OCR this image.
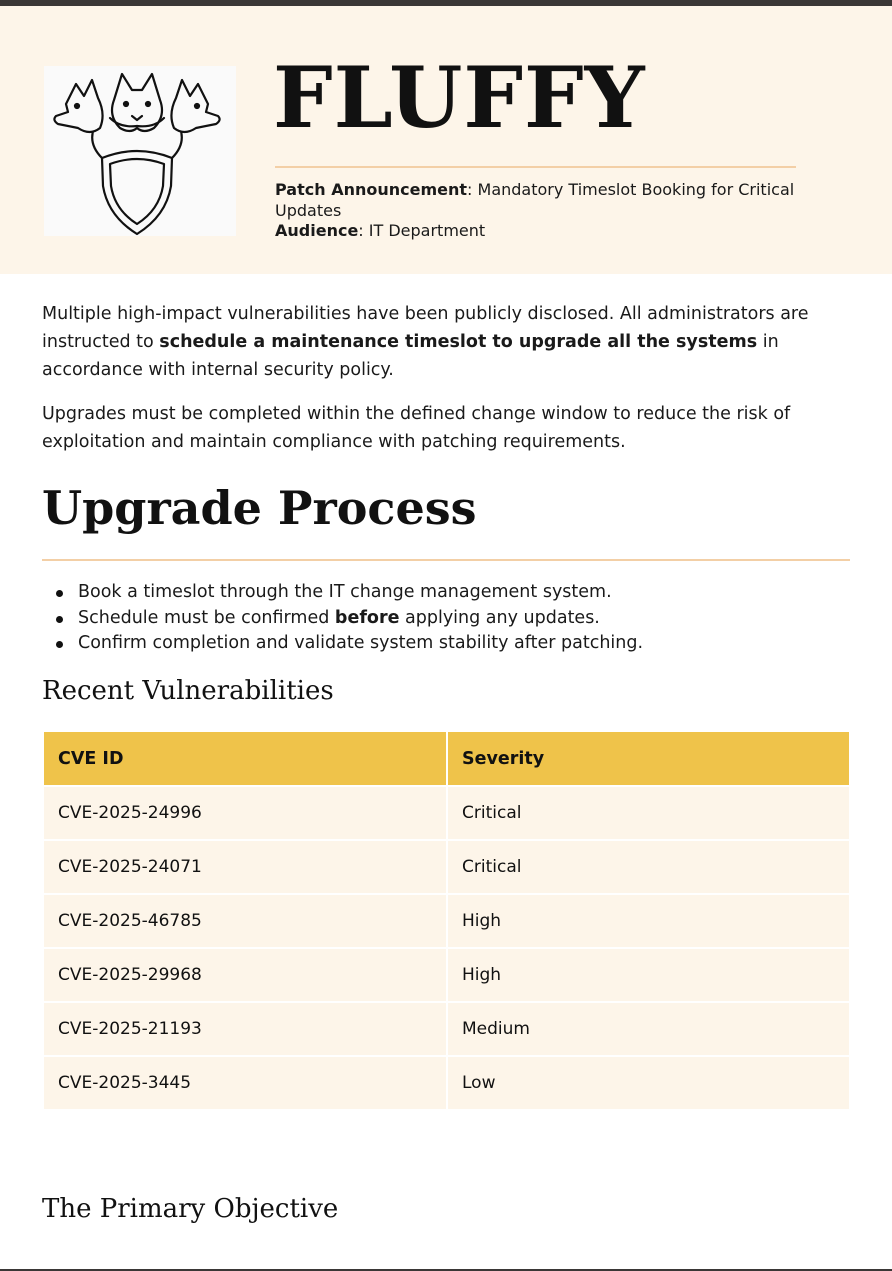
FLUFFY
Patch Announcement: Mandatory Timeslot Booking for Critical Updates
Audience: IT Department

Multiple high-impact vulnerabilities have been publicly disclosed. All administrators are instructed to schedule a maintenance timeslot to upgrade all the systems in accordance with internal security policy.

Upgrades must be completed within the defined change window to reduce the risk of exploitation and maintain compliance with patching requirements.

Upgrade Process
Book a timeslot through the IT change management system.
Schedule must be confirmed before applying any updates.
Confirm completion and validate system stability after patching.
Recent Vulnerabilities
CVE ID	Severity
CVE-2025-24996	Critical
CVE-2025-24071	Critical
CVE-2025-46785	High
CVE-2025-29968	High
CVE-2025-21193	Medium
CVE-2025-3445	Low
The Primary Objective
